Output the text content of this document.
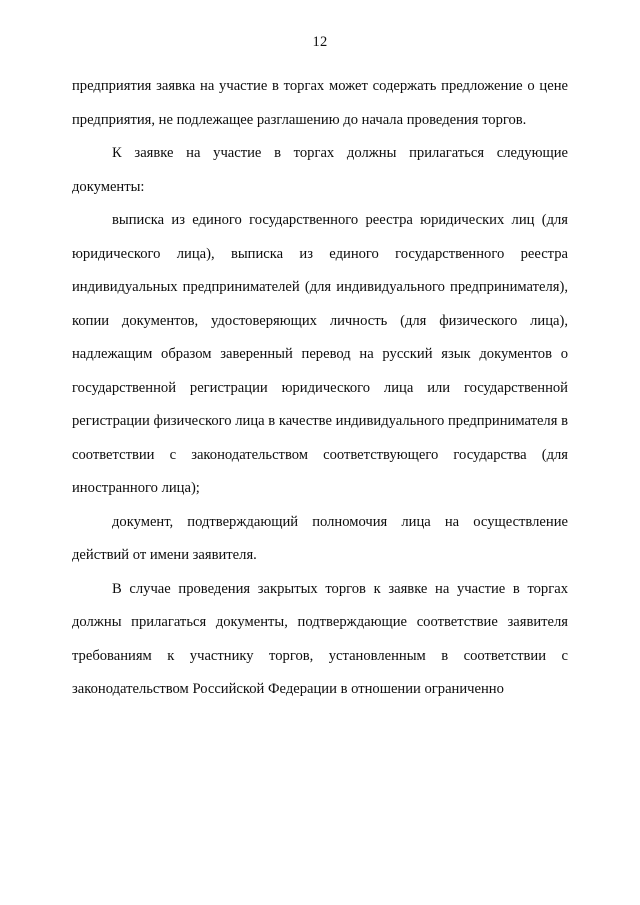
12

предприятия заявка на участие в торгах может содержать предложение о цене предприятия, не подлежащее разглашению до начала проведения торгов.

К заявке на участие в торгах должны прилагаться следующие документы:

выписка из единого государственного реестра юридических лиц (для юридического лица), выписка из единого государственного реестра индивидуальных предпринимателей (для индивидуального предпринимателя), копии документов, удостоверяющих личность (для физического лица), надлежащим образом заверенный перевод на русский язык документов о государственной регистрации юридического лица или государственной регистрации физического лица в качестве индивидуального предпринимателя в соответствии с законодательством соответствующего государства (для иностранного лица);

документ, подтверждающий полномочия лица на осуществление действий от имени заявителя.

В случае проведения закрытых торгов к заявке на участие в торгах должны прилагаться документы, подтверждающие соответствие заявителя требованиям к участнику торгов, установленным в соответствии с законодательством Российской Федерации в отношении ограниченно
